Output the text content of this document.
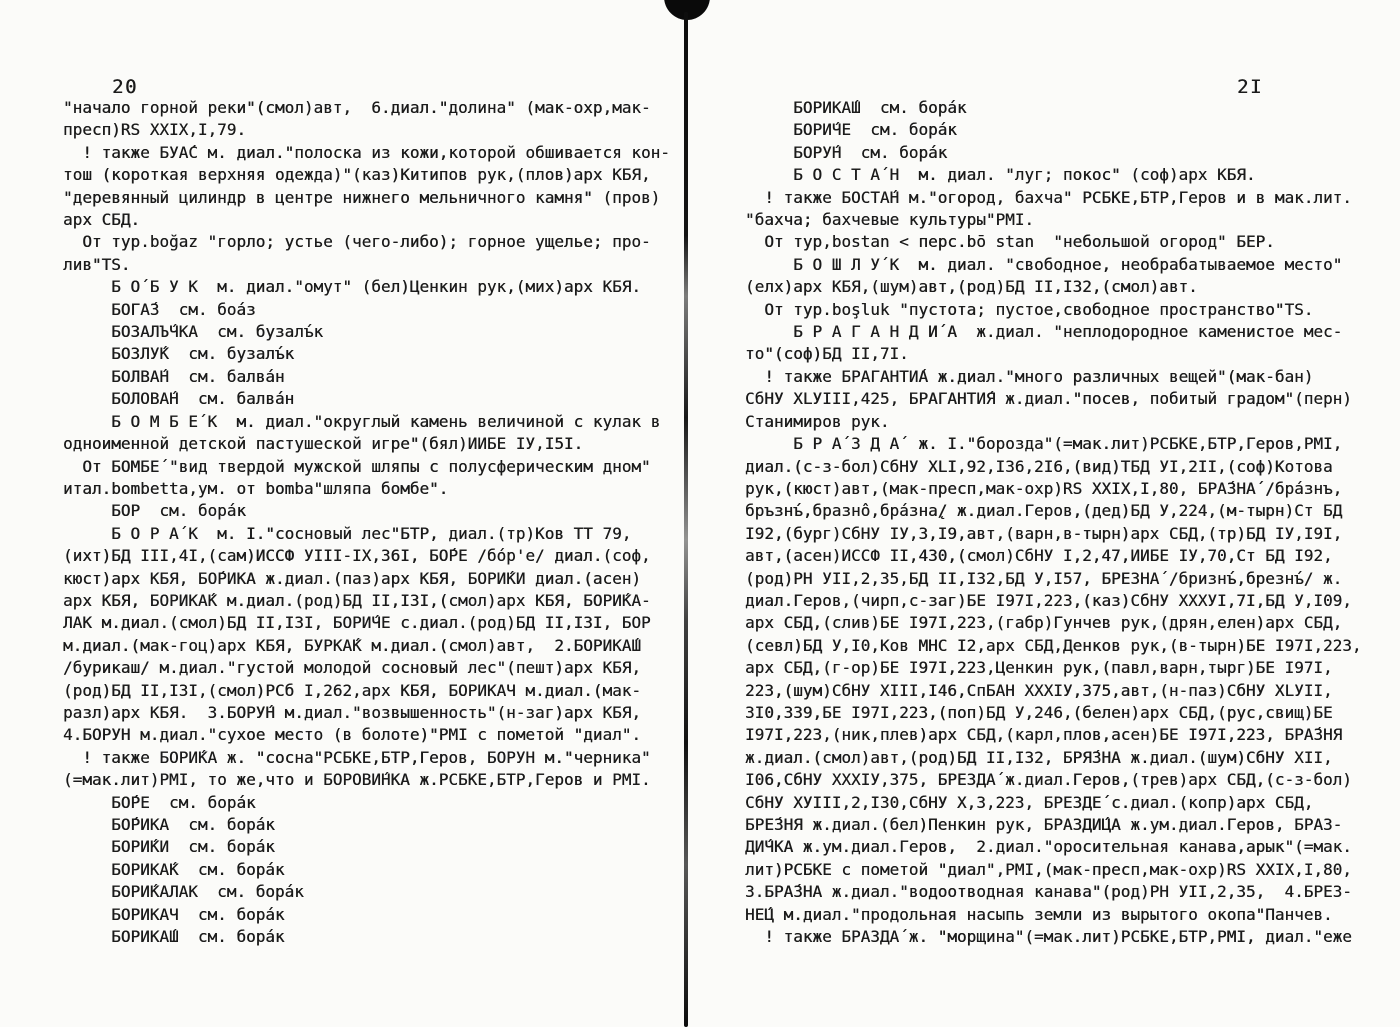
20	2I
"начало горной реки"(смол)авт,  6.диал."долина" (мак-охр,мак-
пресп)RS XXIX,I,79.
! также БУА́С м. диал."полоска из кожи,которой обшивается кон-
тош (короткая верхняя одежда)"(каз)Китипов рук,(плов)арх КБЯ,
"деревянный цилиндр в центре нижнего мельничного камня" (пров)
арх СБД.
От тур.boğaz "горло; устье (чего-либо); горное ущелье; про-
лив"TS.
Б О́ Б У К  м. диал."омут" (бел)Ценкин рук,(мих)арх КБЯ.
БОГА́З  см. боа́з
БОЗАЛЪ́ЧКА  см. бузалъ́к
БОЗЛУ́К  см. бузалъ́к
БОЛВА́Н  см. балва́н
БОЛОВА́Н  см. балва́н
Б О М Б Е́ К  м. диал."округлый камень величиной с кулак в
одноименной детской пастушеской игре"(бял)ИИБЕ IУ,I5I.
От БОМБЕ́ "вид твердой мужской шляпы с полусферическим дном"
итал.bombetta,ум. от bomba"шляпа бомбе".
БОР  см. бора́к
Б О Р А́ К  м. I."сосновый лес"БТР, диал.(тр)Ков ТТ 79,
(ихт)БД III,4I,(сам)ИССФ УIII-IX,36I, БО́РЕ /бо́р'е/ диал.(соф,
кюст)арх КБЯ, БО́РИКА ж.диал.(паз)арх КБЯ, БОРИ́КИ диал.(асен)
арх КБЯ, БОРИКА́К м.диал.(род)БД II,I3I,(смол)арх КБЯ, БОРИ́КА-
ЛАК м.диал.(смол)БД II,I3I, БОРИ́ЧЕ с.диал.(род)БД II,I3I, БОР
м.диал.(мак-гоц)арх КБЯ, БУРКА́К м.диал.(смол)авт,  2.БОРИКА́Ш
/бурикаш/ м.диал."густой молодой сосновый лес"(пешт)арх КБЯ,
(род)БД II,I3I,(смол)РСб I,262,арх КБЯ, БОРИКАЧ м.диал.(мак-
разл)арх КБЯ.  3.БОРУ́Н м.диал."возвышенность"(н-заг)арх КБЯ,
4.БОРУН м.диал."сухое место (в болоте)"РМI с пометой "диал".
! также БОРИ́КА ж. "сосна"РСБКЕ,БТР,Геров, БОРУН м."черника"
(=мак.лит)РМI, то же,что и БОРОВИ́НКА ж.РСБКЕ,БТР,Геров и РМI.
БО́РЕ  см. бора́к
БО́РИКА  см. бора́к
БОРИ́КИ  см. бора́к
БОРИКА́К  см. бора́к
БОРИ́КАЛАК  см. бора́к
БОРИКАЧ  см. бора́к
БОРИКА́Ш  см. бора́к
БОРИКА́Ш  см. бора́к
БОРИ́ЧЕ  см. бора́к
БОРУ́Н  см. бора́к
Б О С Т А́ Н  м. диал. "луг; покос" (соф)арх КБЯ.
! также БОСТА́Н м."огород, бахча" РСБКЕ,БТР,Геров и в мак.лит.
"бахча; бахчевые культуры"РМI.
От тур,bostan < перс.bō stan  "небольшой огород" БЕР.
Б О Ш Л У́ К  м. диал. "свободное, необрабатываемое место"
(елх)арх КБЯ,(шум)авт,(род)БД II,I32,(смол)авт.
От тур.boşluk "пустота; пустое,свободное пространство"TS.
Б Р А Г А Н Д И́ А  ж.диал. "неплодородное каменистое мес-
то"(соф)БД II,7I.
! также БРАГАНТИ́А ж.диал."много различных вещей"(мак-бан)
СбНУ XLУIII,425, БРАГАНТИ́Я ж.диал."посев, побитый градом"(перн)
Станимиров рук.
Б Р А́ З Д А́  ж. I."борозда"(=мак.лит)РСБКЕ,БТР,Геров,РМI,
диал.(с-з-бол)СбНУ XLI,92,I36,2I6,(вид)ТБД УI,2II,(соф)Котова
рук,(кюст)авт,(мак-пресп,мак-охр)RS XXIX,I,80, БРА́ЗНА́ /бра́знъ,
бръзнъ́,бразно̂,бра́зна̨/ ж.диал.Геров,(дед)БД У,224,(м-тырн)Ст БД
I92,(бург)СбНУ IУ,3,I9,авт,(варн,в-тырн)арх СБД,(тр)БД IУ,I9I,
авт,(асен)ИССФ II,430,(смол)СбНУ I,2,47,ИИБЕ IУ,70,Ст БД I92,
(род)РН УII,2,35,БД II,I32,БД У,I57, БРЕЗНА́ /бризнъ́,брезнъ́/ ж.
диал.Геров,(чирп,с-заг)БЕ I97I,223,(каз)СбНУ XXXУI,7I,БД У,I09,
арх СБД,(слив)БЕ I97I,223,(габр)Гунчев рук,(дрян,елен)арх СБД,
(севл)БД У,I0,Ков МНС I2,арх СБД,Денков рук,(в-тырн)БЕ I97I,223,
арх СБД,(г-ор)БЕ I97I,223,Ценкин рук,(павл,варн,тырг)БЕ I97I,
223,(шум)СбНУ XIII,I46,СпБАН XXXIУ,375,авт,(н-паз)СбНУ XLУII,
3I0,339,БЕ I97I,223,(поп)БД У,246,(белен)арх СБД,(рус,свищ)БЕ
I97I,223,(ник,плев)арх СБД,(карл,плов,асен)БЕ I97I,223, БРА́ЗНЯ
ж.диал.(смол)авт,(род)БД II,I32, БРЯ́ЗНА ж.диал.(шум)СбНУ XII,
I06,СбНУ XXXIУ,375, БРЕЗДА́ ж.диал.Геров,(трев)арх СБД,(с-з-бол)
СбНУ XУIII,2,I30,СбНУ X,3,223, БРЕЗДЕ́ с.диал.(копр)арх СБД,
БРЕ́ЗНЯ ж.диал.(бел)Пенкин рук, БРАЗДИ́ЦА ж.ум.диал.Геров, БРАЗ-
ДИ́ЧКА ж.ум.диал.Геров,  2.диал."оросительная канава,арык"(=мак.
лит)РСБКЕ с пометой "диал",РМI,(мак-пресп,мак-охр)RS XXIX,I,80,
3.БРА́ЗНА ж.диал."водоотводная канава"(род)РН УII,2,35,  4.БРЕЗ-
НЕ́Ц м.диал."продольная насыпь земли из вырытого окопа"Панчев.
! также БРАЗДА́ ж. "морщина"(=мак.лит)РСБКЕ,БТР,РМI, диал."еже
